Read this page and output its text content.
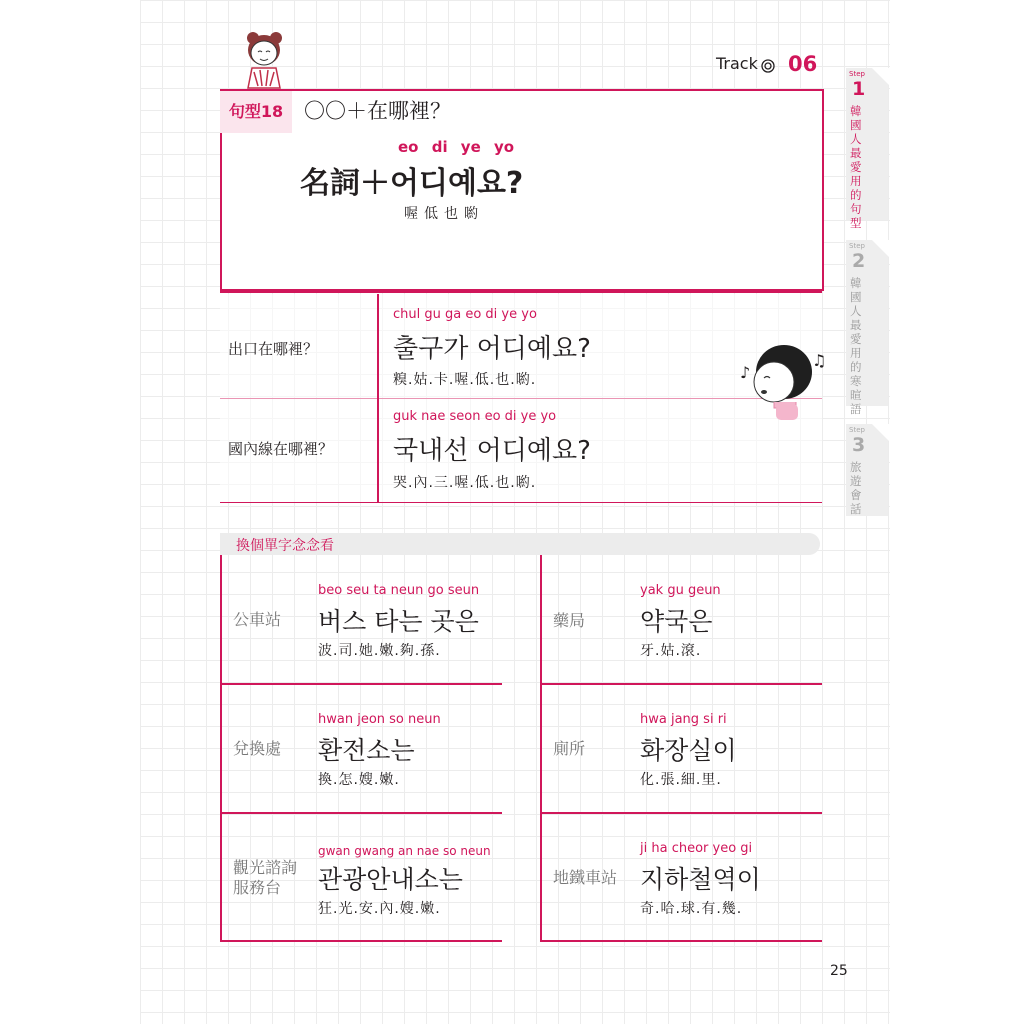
Track 06
句型18 〇〇＋在哪裡？
eo di ye yo
名詞＋어디예요?
喔低也喲
出口在哪裡？
chul gu ga eo di ye yo
출구가 어디예요?
糗.姑.卡.喔.低.也.喲.
國內線在哪裡？
guk nae seon eo di ye yo
국내선 어디예요?
哭.內.三.喔.低.也.喲.
♪
♫
Step
1
韓國人最愛用的句型
Step
2
韓國人最愛用的寒暄語
Step
3
旅遊會話
換個單字念念看
公車站
beo seu ta neun go seun
버스 타는 곳은
波.司.她.嫩.夠.孫.
藥局
yak gu geun
약국은
牙.姑.滾.
兌換處
hwan jeon so neun
환전소는
換.怎.嫂.嫩.
廁所
hwa jang si ri
화장실이
化.張.細.里.
觀光諮詢服務台
gwan gwang an nae so neun
관광안내소는
狂.光.安.內.嫂.嫩.
地鐵車站
ji ha cheor yeo gi
지하철역이
奇.哈.球.有.幾.
25
